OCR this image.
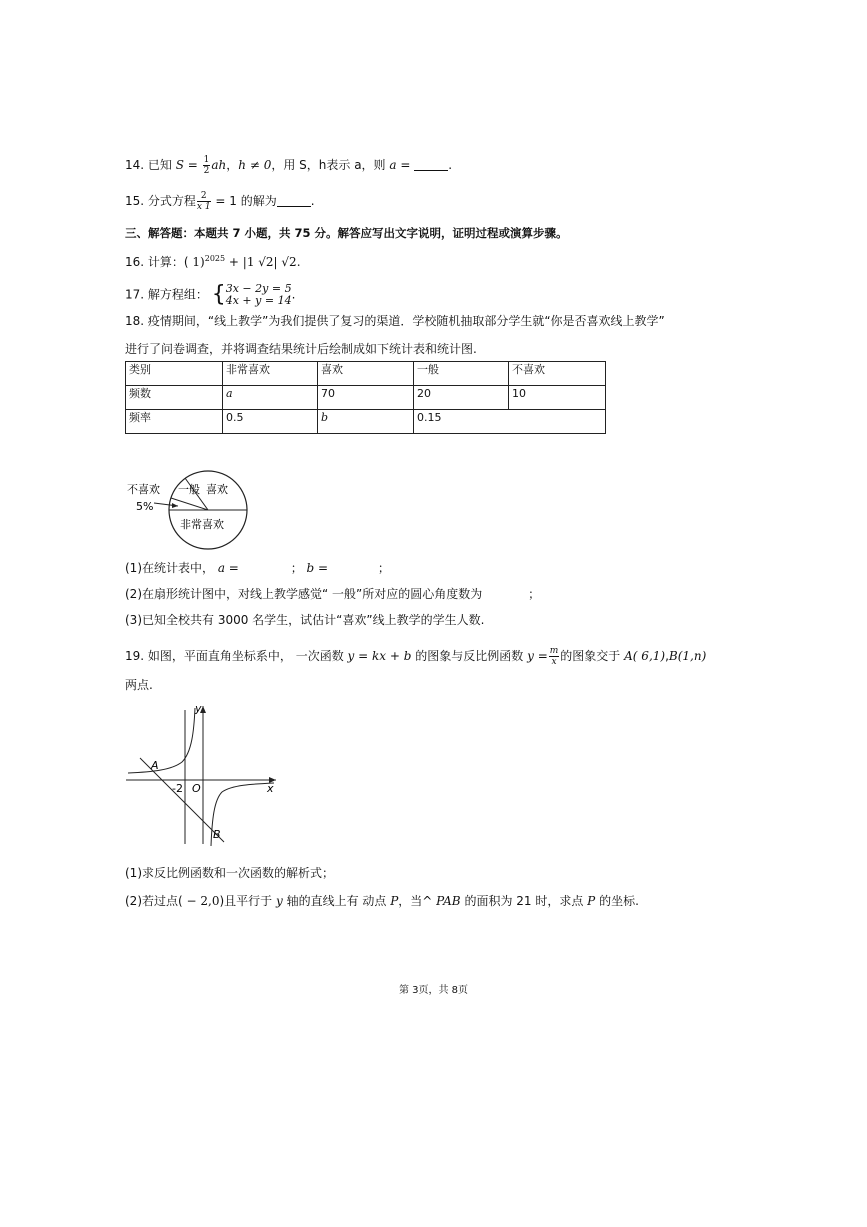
14. 已知 $S = \frac{1}{2}$ ah，h ≠ 0，用 S，h表示 a，则 a =	.
15. 分式方程 $\frac{2}{x 1} = 1$ 的解为	.
三、解答题：本题共 7 小题，共 75 分。解答应写出文字说明，证明过程或演算步骤。
16. 计算：( 1)$^{2025}$ + |1 √2| √2.
17. 解方程组： { 3x − 2y = 5
4x + y = 14 .
18. 疫情期间，“线上教学”为我们提供了复习的渠道．学校随机抽取部分学生就“你是否喜欢线上教学”
进行了问卷调查，并将调查结果统计后绘制成如下统计表和统计图.
类别	非常喜欢	喜欢	一般	不喜欢
频数	a	70	20	10
频率	0.5	b	0.15	
不喜欢
5%
一般 喜欢
非常喜欢
(1)在统计表中， a =	； b =	；
(2)在扇形统计图中，对线上教学感觉“ 一般”所对应的圆心角度数为	；
(3)已知全校共有 3000 名学生，试估计“喜欢”线上教学的学生人数.
19. 如图，平面直角坐标系中， 一次函数 y = kx + b 的图象与反比例函数 $y = \frac{m}{x}$ 的图象交于 A( 6,1),B(1,n)
两点.
y
x
A
B
-2 O
(1)求反比例函数和一次函数的解析式；
(2)若过点( − 2,0)且平行于 y 轴的直线上有 动点 P，当^ PAB 的面积为 21 时，求点 P 的坐标.
第 3页，共 8页
